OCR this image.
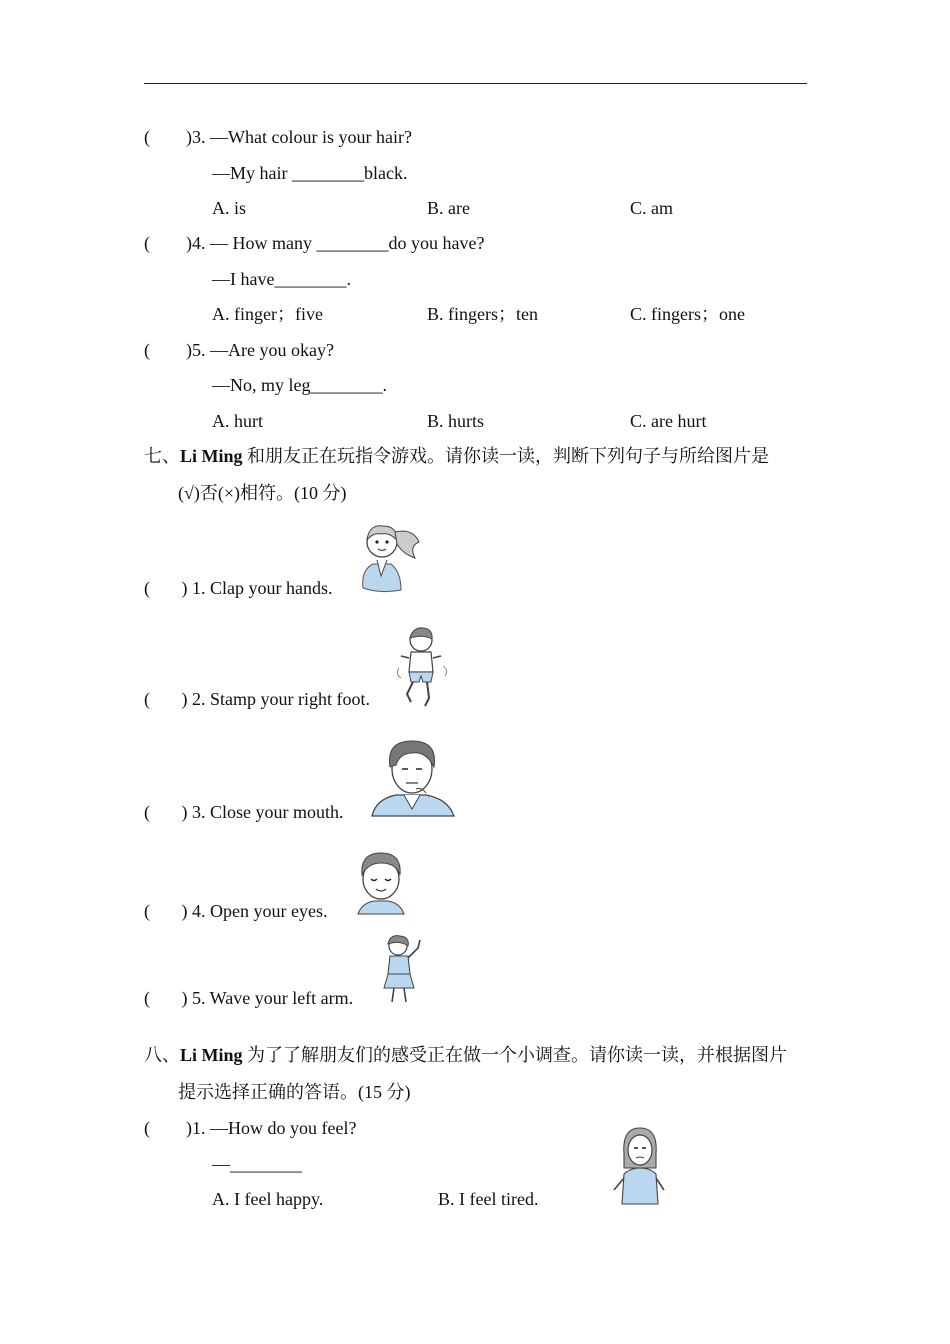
(        )3. —What colour is your hair?
—My hair ________black.
A. is	B. are	C. am
(        )4. — How many ________do you have?
—I have________.
A. finger；five	B. fingers；ten	C. fingers；one
(        )5. —Are you okay?
—No, my leg________.
A. hurt	B. hurts	C. are hurt
七、Li Ming 和朋友正在玩指令游戏。请你读一读，判断下列句子与所给图片是
(√)否(×)相符。(10 分)
(       ) 1. Clap your hands.
(       ) 2. Stamp your right foot.
(       ) 3. Close your mouth.
(       ) 4. Open your eyes.
(       ) 5. Wave your left arm.
八、Li Ming 为了了解朋友们的感受正在做一个小调查。请你读一读，并根据图片
提示选择正确的答语。(15 分)
(        )1. —How do you feel?
—________
A. I feel happy.	B. I feel tired.
